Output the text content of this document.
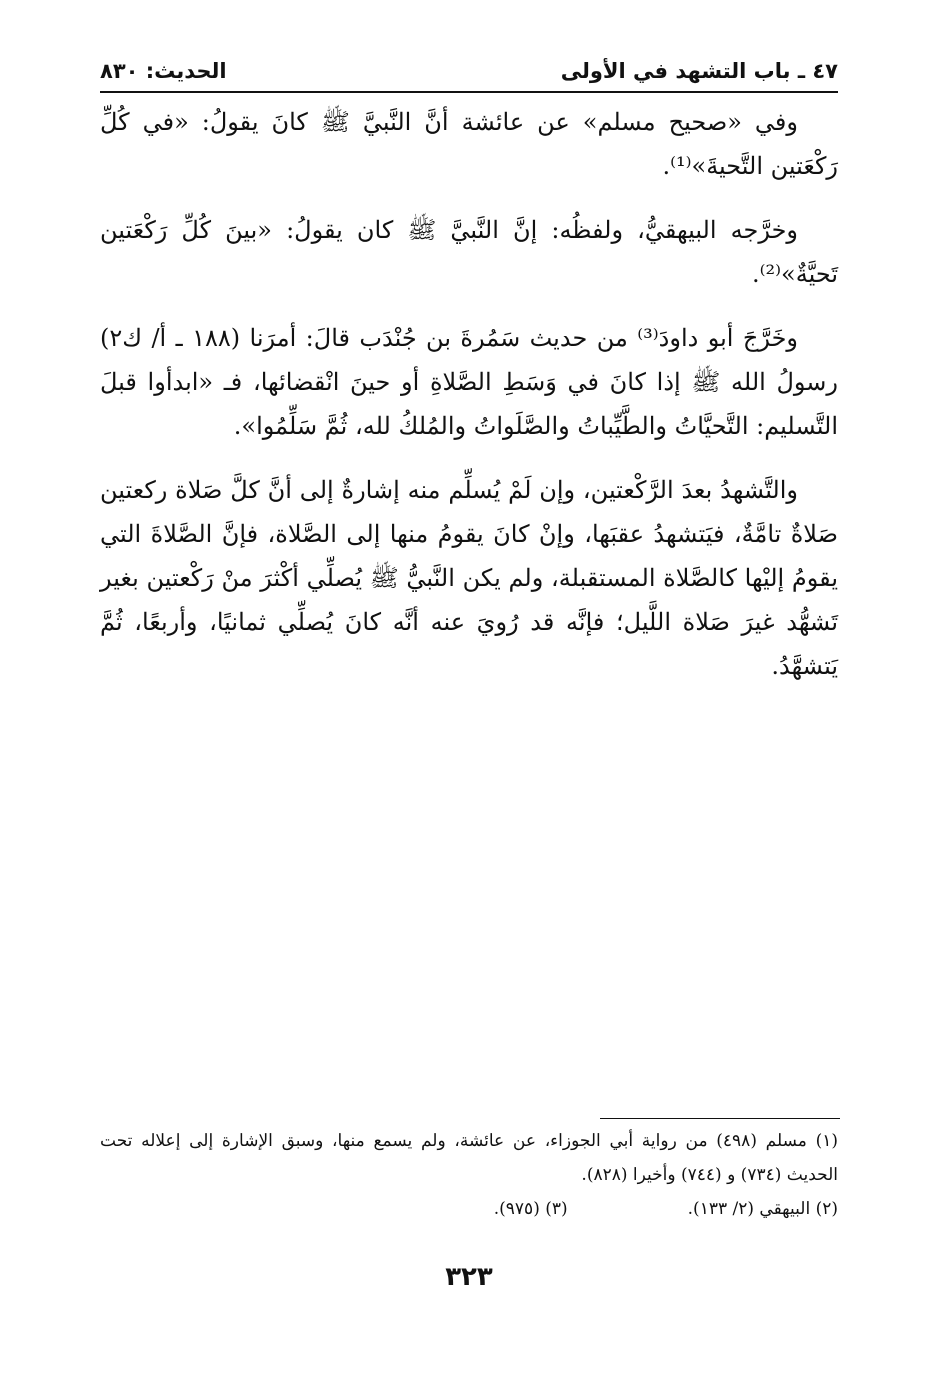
٤٧ ـ باب التشهد في الأولى
الحديث: ٨٣٠

وفي «صحيح مسلم» عن عائشة أنَّ النَّبيَّ ﷺ كانَ يقولُ: «في كُلِّ رَكْعَتين التَّحيةَ»⁽¹⁾.

وخرَّجه البيهقيُّ، ولفظُه: إنَّ النَّبيَّ ﷺ كان يقولُ: «بينَ كُلِّ رَكْعَتين تَحيَّةٌ»⁽²⁾.

وخَرَّجَ أبو داودَ⁽³⁾ من حديث سَمُرةَ بن جُنْدَب قالَ: أمرَنا (١٨٨ ـ أ/ ك٢) رسولُ الله ﷺ إذا كانَ في وَسَطِ الصَّلاةِ أو حينَ انْقضائها، فـ «ابدأوا قبلَ التَّسليم: التَّحيَّاتُ والطَّيِّباتُ والصَّلَواتُ والمُلكُ لله، ثُمَّ سَلِّمُوا».

والتَّشهدُ بعدَ الرَّكْعتين، وإن لَمْ يُسلِّم منه إشارةٌ إلى أنَّ كلَّ صَلاة ركعتين صَلاةٌ تامَّةٌ، فيَتشهدُ عقبَها، وإنْ كانَ يقومُ منها إلى الصَّلاة، فإنَّ الصَّلاةَ التي يقومُ إليْها كالصَّلاة المستقبلة، ولم يكن النَّبيُّ ﷺ يُصلِّي أكْثرَ منْ رَكْعتين بغير تَشهُّد غيرَ صَلاة اللَّيل؛ فإنَّه قد رُويَ عنه أنَّه كانَ يُصلِّي ثمانيًا، وأربعًا، ثُمَّ يَتشهَّدُ.

(١) مسلم (٤٩٨) من رواية أبي الجوزاء، عن عائشة، ولم يسمع منها، وسبق الإشارة إلى إعلاله تحت الحديث (٧٣٤) و (٧٤٤) وأخيرا (٨٢٨).

(٢) البيهقي (٢/ ١٣٣).
(٣) (٩٧٥).
٣٢٣
